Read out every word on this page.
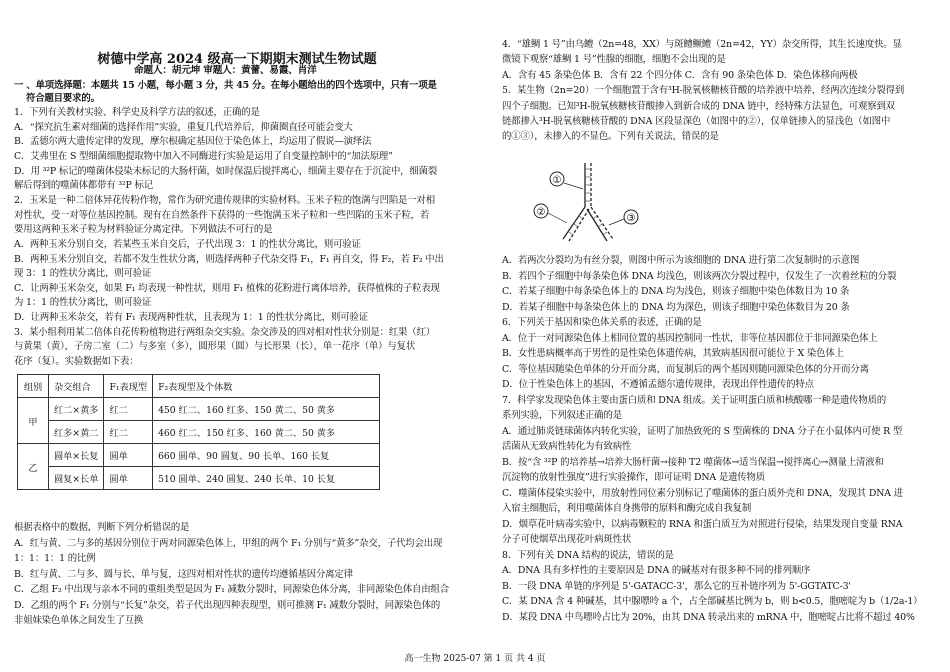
树德中学高 2024 级高一下期期末测试生物试题
命题人：胡元坤 审题人：黄蕾、易霞、肖洋
一 、单项选择题：本题共 15 小题，每小题 3 分，共 45 分。在每小题给出的四个选项中，只有一项是
符合题目要求的。
1．下列有关教材实验、科学史及科学方法的叙述，正确的是
A．“探究抗生素对细菌的选择作用”实验，重复几代培养后，抑菌圈直径可能会变大
B．孟德尔两大遗传定律的发现，摩尔根确定基因位于染色体上，均运用了假说—演绎法
C．艾弗里在 S 型细菌细胞提取物中加入不同酶进行实验是运用了自变量控制中的“加法原理”
D．用 ³²P 标记的噬菌体侵染未标记的大肠杆菌，如时保温后搅拌离心，细菌主要存在于沉淀中，细菌裂
解后得到的噬菌体都带有 ³²P 标记
2．玉米是一种二倍体异花传粉作物，常作为研究遗传规律的实验材料。玉米子粒的饱满与凹陷是一对相
对性状，受一对等位基因控制。现有在自然条件下获得的一些饱满玉米子粒和一些凹陷的玉米子粒，若
要用这两种玉米子粒为材料验证分离定律。下列做法不可行的是
A．两种玉米分别自交，若某些玉米自交后，子代出现 3：1 的性状分离比，则可验证
B．两种玉米分别自交，若都不发生性状分离，则选择两种子代杂交得 F₁，F₁ 再自交，得 F₂，若 F₂ 中出
现 3：1 的性状分离比，则可验证
C．让两种玉米杂交，如果 F₁ 均表现一种性状，则用 F₁ 植株的花粉进行离体培养，获得植株的子粒表现
为 1：1 的性状分离比，则可验证
D．让两种玉米杂交，若有 F₁ 表现两种性状，且表现为 1：1 的性状分离比，则可验证
3．某小组利用某二倍体自花传粉植物进行两组杂交实验。杂交涉及的四对相对性状分别是：红果（红）
与黄果（黄），子房二室（二）与多室（多），圆形果（圆）与长形果（长），单一花序（单）与复状
花序（复）。实验数据如下表：
组别	杂交组合	F₁表现型	F₂表现型及个体数
甲	红二×黄多	红二	450 红二、160 红多、150 黄二、50 黄多
	红多×黄二	红二	460 红二、150 红多、160 黄二、50 黄多
乙	圆单×长复	圆单	660 圆单、90 圆复、90 长单、160 长复
	圆复×长单	圆单	510 圆单、240 圆复、240 长单、10 长复
根据表格中的数据，判断下列分析错误的是
A．红与黄、二与多的基因分别位于两对同源染色体上，甲组的两个 F₁ 分别与“黄多”杂交，子代均会出现
1：1：1：1 的比例
B．红与黄、二与多、圆与长、单与复，这四对相对性状的遗传均遵循基因分离定律
C．乙组 F₂ 中出现与亲本不同的重组类型是因为 F₁ 减数分裂时，同源染色体分离，非同源染色体自由组合
D．乙组的两个 F₁ 分别与“长复”杂交，若子代出现四种表现型，则可推测 F₁ 减数分裂时，同源染色体的
非姐妹染色单体之间发生了互换
4．“雄鲷 1 号”由乌鳢（2n=48，XX）与斑鳢鳜鳢（2n=42，YY）杂交所得，其生长速度快。显
微镜下观察“雄鲷 1 号”性腺的细胞，细胞不会出现的是
A．含有 45 条染色体 B．含有 22 个四分体 C．含有 90 条染色体 D．染色体移向两极
5．某生物（2n=20）一个细胞置于含有³H-脱氧核糖核苷酸的培养液中培养，经两次连续分裂得到
四个子细胞。已知³H-脱氧核糖核苷酸掺入到新合成的 DNA 链中，经特殊方法显色，可观察到双
链都掺入³H-脱氧核糖核苷酸的 DNA 区段显深色（如图中的②），仅单链掺入的显浅色（如图中
的①③），未掺入的不显色。下列有关说法，错误的是
A．若两次分裂均为有丝分裂，则图中所示为该细胞的 DNA 进行第二次复制时的示意图
B．若四个子细胞中每条染色体 DNA 均浅色，则该两次分裂过程中，仅发生了一次着丝粒的分裂
C．若某子细胞中每条染色体上的 DNA 均为浅色，则该子细胞中染色体数目为 10 条
D．若某子细胞中每条染色体上的 DNA 均为深色，则该子细胞中染色体数目为 20 条
6．下列关于基因和染色体关系的表述，正确的是
A．位于一对同源染色体上相同位置的基因控制同一性状，非等位基因都位于非同源染色体上
B．女性患病概率高于男性的是性染色体遗传病，其致病基因很可能位于 X 染色体上
C．等位基因随染色单体的分开而分离，而复制后的两个基因则随同源染色体的分开而分离
D．位于性染色体上的基因，不遵循孟德尔遗传规律，表现出伴性遗传的特点
7．科学家发现染色体主要由蛋白质和 DNA 组成。关于证明蛋白质和核酸哪一种是遗传物质的
系列实验，下列叙述正确的是
A．通过肺炎链球菌体内转化实验，证明了加热致死的 S 型菌株的 DNA 分子在小鼠体内可使 R 型
活菌从无致病性转化为有致病性
B．按“含 ³²P 的培养基→培养大肠杆菌→接种 T2 噬菌体→适当保温→搅拌离心→测量上清液和
沉淀物的放射性强度”进行实验操作，即可证明 DNA 是遗传物质
C．噬菌体侵染实验中，用放射性同位素分别标记了噬菌体的蛋白质外壳和 DNA，发现其 DNA 进
入宿主细胞后，利用噬菌体自身携带的原料和酶完成自我复制
D．烟草花叶病毒实验中，以病毒颗粒的 RNA 和蛋白质互为对照进行侵染，结果发现自变量 RNA
分子可使烟草出现花叶病斑性状
8．下列有关 DNA 结构的说法，错误的是
A．DNA 具有多样性的主要原因是 DNA 的碱基对有很多种不同的排列顺序
B．一段 DNA 单链的序列是 5'-GATACC-3'，那么它的互补链序列为 5'-GGTATC-3'
C．某 DNA 含 4 种碱基，其中腺嘌呤 a 个，占全部碱基比例为 b，则 b<0.5，胞嘧啶为 b（1/2a-1）
D．某段 DNA 中鸟嘌呤占比为 20%，由其 DNA 转录出来的 mRNA 中，胞嘧啶占比将不超过 40%
①
②
③
高一生物 2025-07 第 1 页 共 4 页
